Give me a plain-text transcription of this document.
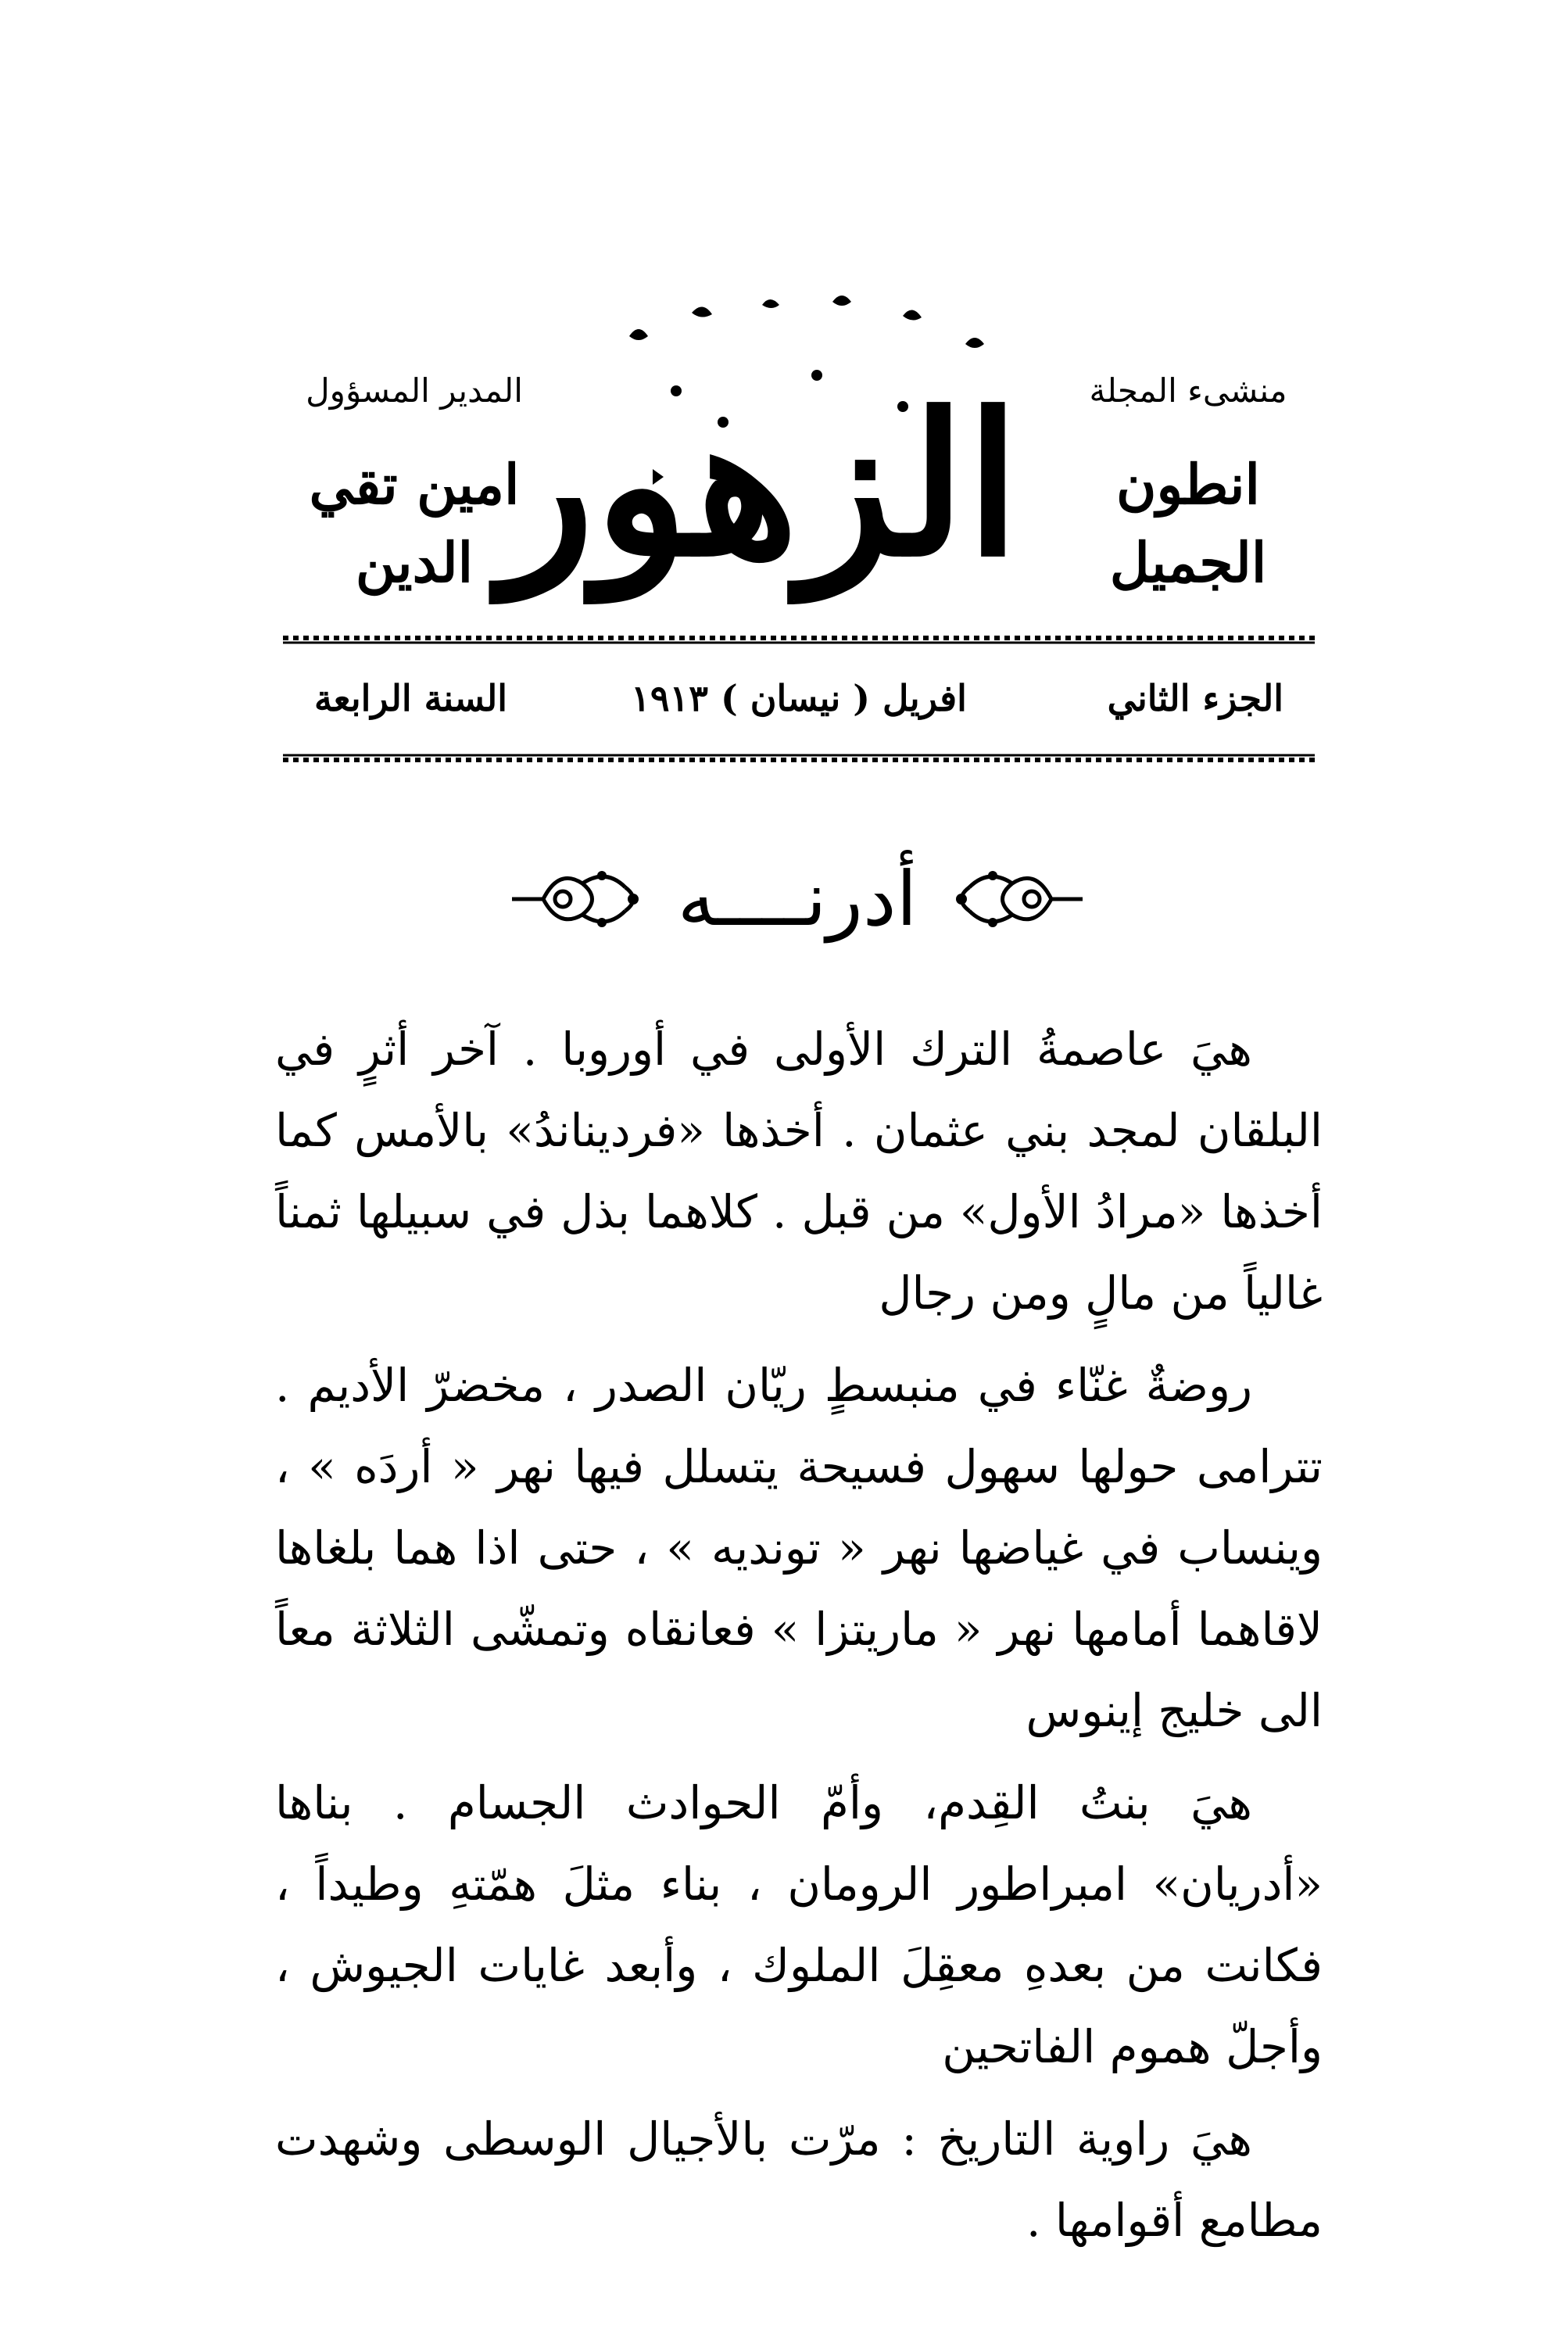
منشىء المجلة
انطون الجميل
الزهور
المدير المسؤول
امين تقي الدين
الجزء الثاني
افريل ( نيسان ) ١٩١٣
السنة الرابعة
أدرنــــه

هيَ عاصمةُ الترك الأولى في أوروبا . آخر أثرٍ في البلقان لمجد بني عثمان . أخذها «فرديناندُ» بالأمس كما أخذها «مرادُ الأول» من قبل . كلاهما بذل في سبيلها ثمناً غالياً من مالٍ ومن رجال

روضةٌ غنّاء في منبسطٍ ريّان الصدر ، مخضرّ الأديم . تترامى حولها سهول فسيحة يتسلل فيها نهر « أردَه » ، وينساب في غياضها نهر « تونديه » ، حتى اذا هما بلغاها لاقاهما أمامها نهر « ماريتزا » فعانقاه وتمشّى الثلاثة معاً الى خليج إينوس

هيَ بنتُ القِدم، وأمّ الحوادث الجسام . بناها «أدريان» امبراطور الرومان ، بناء مثلَ همّتهِ وطيداً ، فكانت من بعدهِ معقِلَ الملوك ، وأبعد غايات الجيوش ، وأجلّ هموم الفاتحين

هيَ راوية التاريخ : مرّت بالأجيال الوسطى وشهدت مطامع أقوامها .
